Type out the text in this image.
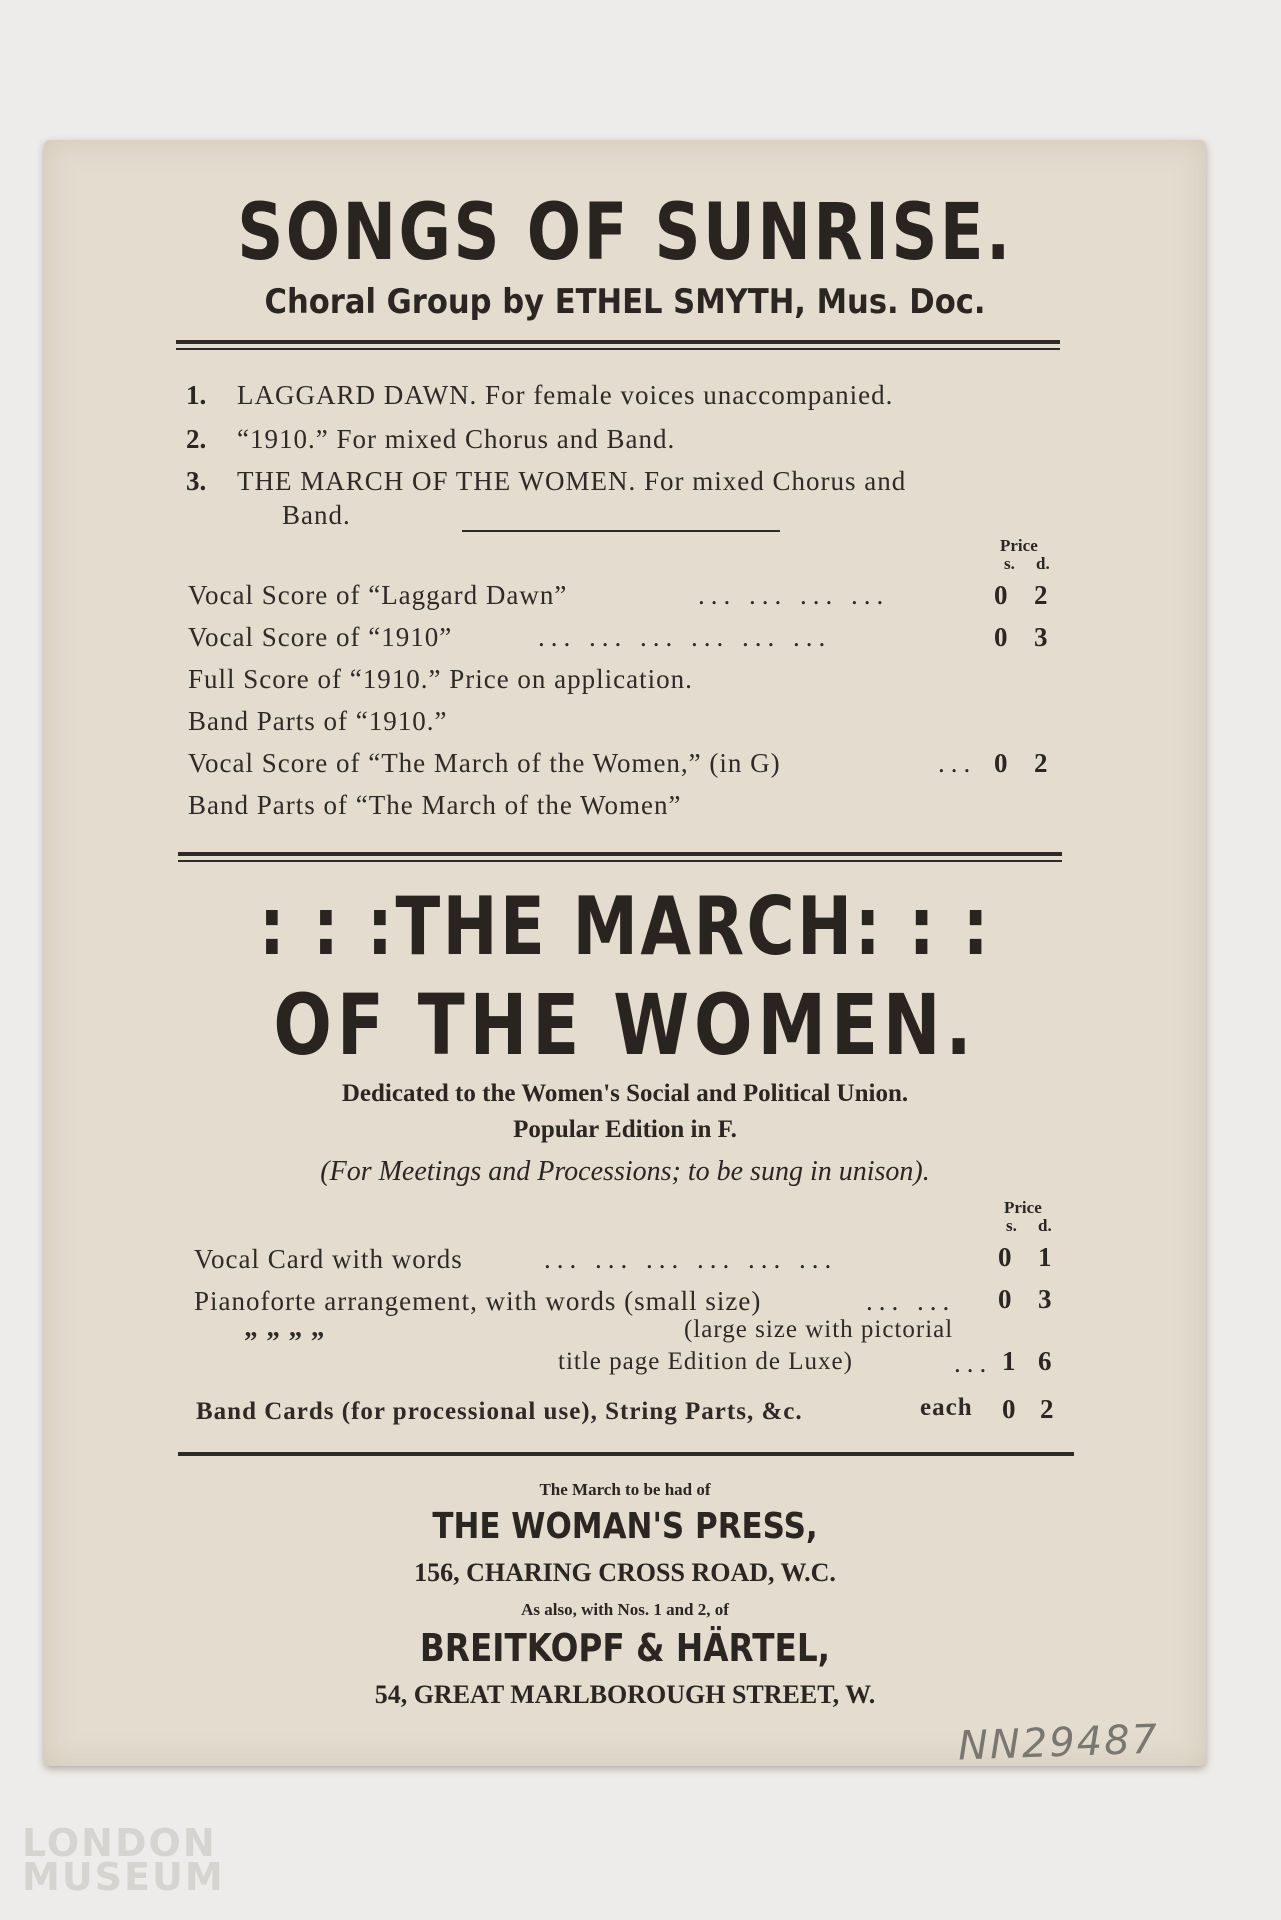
SONGS OF SUNRISE.
Choral Group by ETHEL SMYTH, Mus. Doc.
1. LAGGARD DAWN. For female voices unaccompanied.
2. “1910.” For mixed Chorus and Band.
3. THE MARCH OF THE WOMEN. For mixed Chorus and
Band.
Price
s. d.
Vocal Score of “Laggard Dawn”	... ... ... ...	0 2
Vocal Score of “1910”	... ... ... ... ... ...	0 3
Full Score of “1910.” Price on application.
Band Parts of “1910.”
Vocal Score of “The March of the Women,” (in G)	... 0 2
Band Parts of “The March of the Women”
: : :THE MARCH: : :
OF THE WOMEN.
Dedicated to the Women's Social and Political Union.
Popular Edition in F.
(For Meetings and Processions; to be sung in unison).
Price
s. d.
Vocal Card with words	... ... ... ... ... ...	0 1
Pianoforte arrangement, with words (small size)	... ... 0 3
” ” ” ”	(large size with pictorial
title page Edition de Luxe)	... 1 6
Band Cards (for processional use), String Parts, &c.	each 0 2
The March to be had of
THE WOMAN'S PRESS,
156, CHARING CROSS ROAD, W.C.
As also, with Nos. 1 and 2, of
BREITKOPF & HÄRTEL,
54, GREAT MARLBOROUGH STREET, W.
NN29487
LONDON
MUSEUM
